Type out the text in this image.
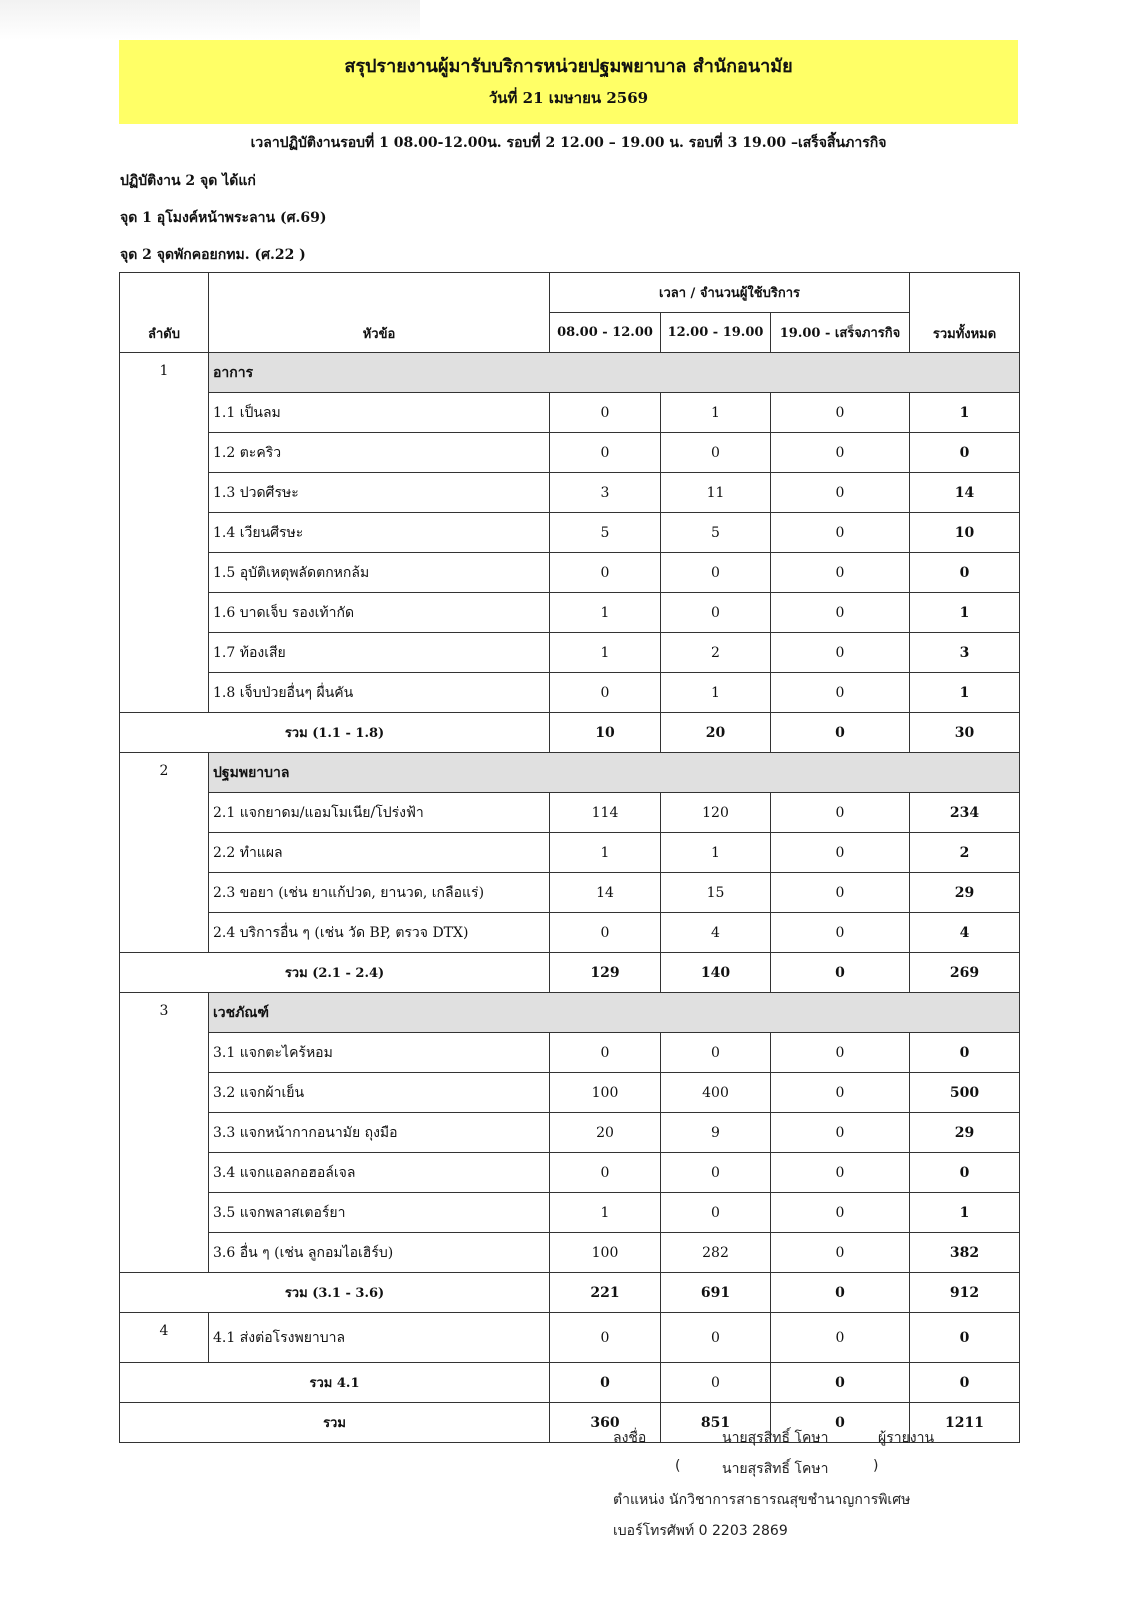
สรุปรายงานผู้มารับบริการหน่วยปฐมพยาบาล สำนักอนามัย
วันที่ 21 เมษายน 2569
เวลาปฏิบัติงานรอบที่ 1 08.00-12.00น. รอบที่ 2 12.00 – 19.00 น. รอบที่ 3 19.00 –เสร็จสิ้นภารกิจ
ปฏิบัติงาน 2 จุด ได้แก่
จุด 1 อุโมงค์หน้าพระลาน (ศ.69)
จุด 2 จุดพักคอยกทม. (ศ.22 )
ลำดับ	หัวข้อ	เวลา / จำนวนผู้ใช้บริการ			รวมทั้งหมด
		08.00 - 12.00	12.00 - 19.00	19.00 - เสร็จภารกิจ	
1	อาการ				
	1.1 เป็นลม	0	1	0	1
	1.2 ตะคริว	0	0	0	0
	1.3 ปวดศีรษะ	3	11	0	14
	1.4 เวียนศีรษะ	5	5	0	10
	1.5 อุบัติเหตุพลัดตกหกล้ม	0	0	0	0
	1.6 บาดเจ็บ รองเท้ากัด	1	0	0	1
	1.7 ท้องเสีย	1	2	0	3
	1.8 เจ็บป่วยอื่นๆ ผื่นคัน	0	1	0	1
รวม (1.1 - 1.8)		10	20	0	30
2	ปฐมพยาบาล				
	2.1 แจกยาดม/แอมโมเนีย/โปร่งฟ้า	114	120	0	234
	2.2 ทำแผล	1	1	0	2
	2.3 ขอยา (เช่น ยาแก้ปวด, ยานวด, เกลือแร่)	14	15	0	29
	2.4 บริการอื่น ๆ (เช่น วัด BP, ตรวจ DTX)	0	4	0	4
รวม (2.1 - 2.4)		129	140	0	269
3	เวชภัณฑ์				
	3.1 แจกตะไคร้หอม	0	0	0	0
	3.2 แจกผ้าเย็น	100	400	0	500
	3.3 แจกหน้ากากอนามัย ถุงมือ	20	9	0	29
	3.4 แจกแอลกอฮอล์เจล	0	0	0	0
	3.5 แจกพลาสเตอร์ยา	1	0	0	1
	3.6 อื่น ๆ (เช่น ลูกอมไอเฮิร์บ)	100	282	0	382
รวม (3.1 - 3.6)		221	691	0	912
4	4.1 ส่งต่อโรงพยาบาล	0	0	0	0
รวม 4.1		0	0	0	0
รวม		360	851	0	1211
ลงชื่อ	นายสุรสิทธิ์ โคษา	ผู้รายงาน
(	นายสุรสิทธิ์ โคษา	)
ตำแหน่ง นักวิชาการสาธารณสุขชำนาญการพิเศษ
เบอร์โทรศัพท์ 0 2203 2869
